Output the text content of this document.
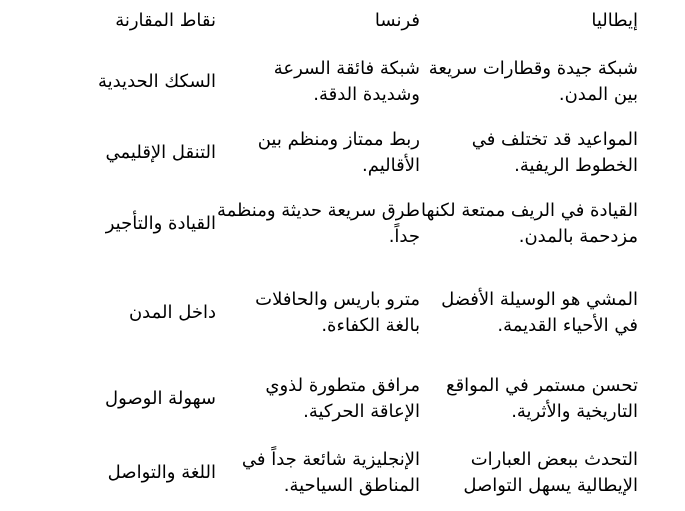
إيطاليا	فرنسا	نقاط المقارنة
شبكة جيدة وقطارات سريعة بين المدن.	شبكة فائقة السرعة وشديدة الدقة.	السكك الحديدية
المواعيد قد تختلف في الخطوط الريفية.	ربط ممتاز ومنظم بين الأقاليم.	التنقل الإقليمي
القيادة في الريف ممتعة لكنها مزدحمة بالمدن.	طرق سريعة حديثة ومنظمة جداً.	القيادة والتأجير
المشي هو الوسيلة الأفضل في الأحياء القديمة.	مترو باريس والحافلات بالغة الكفاءة.	داخل المدن
تحسن مستمر في المواقع التاريخية والأثرية.	مرافق متطورة لذوي الإعاقة الحركية.	سهولة الوصول
التحدث ببعض العبارات الإيطالية يسهل التواصل	الإنجليزية شائعة جداً في المناطق السياحية.	اللغة والتواصل
